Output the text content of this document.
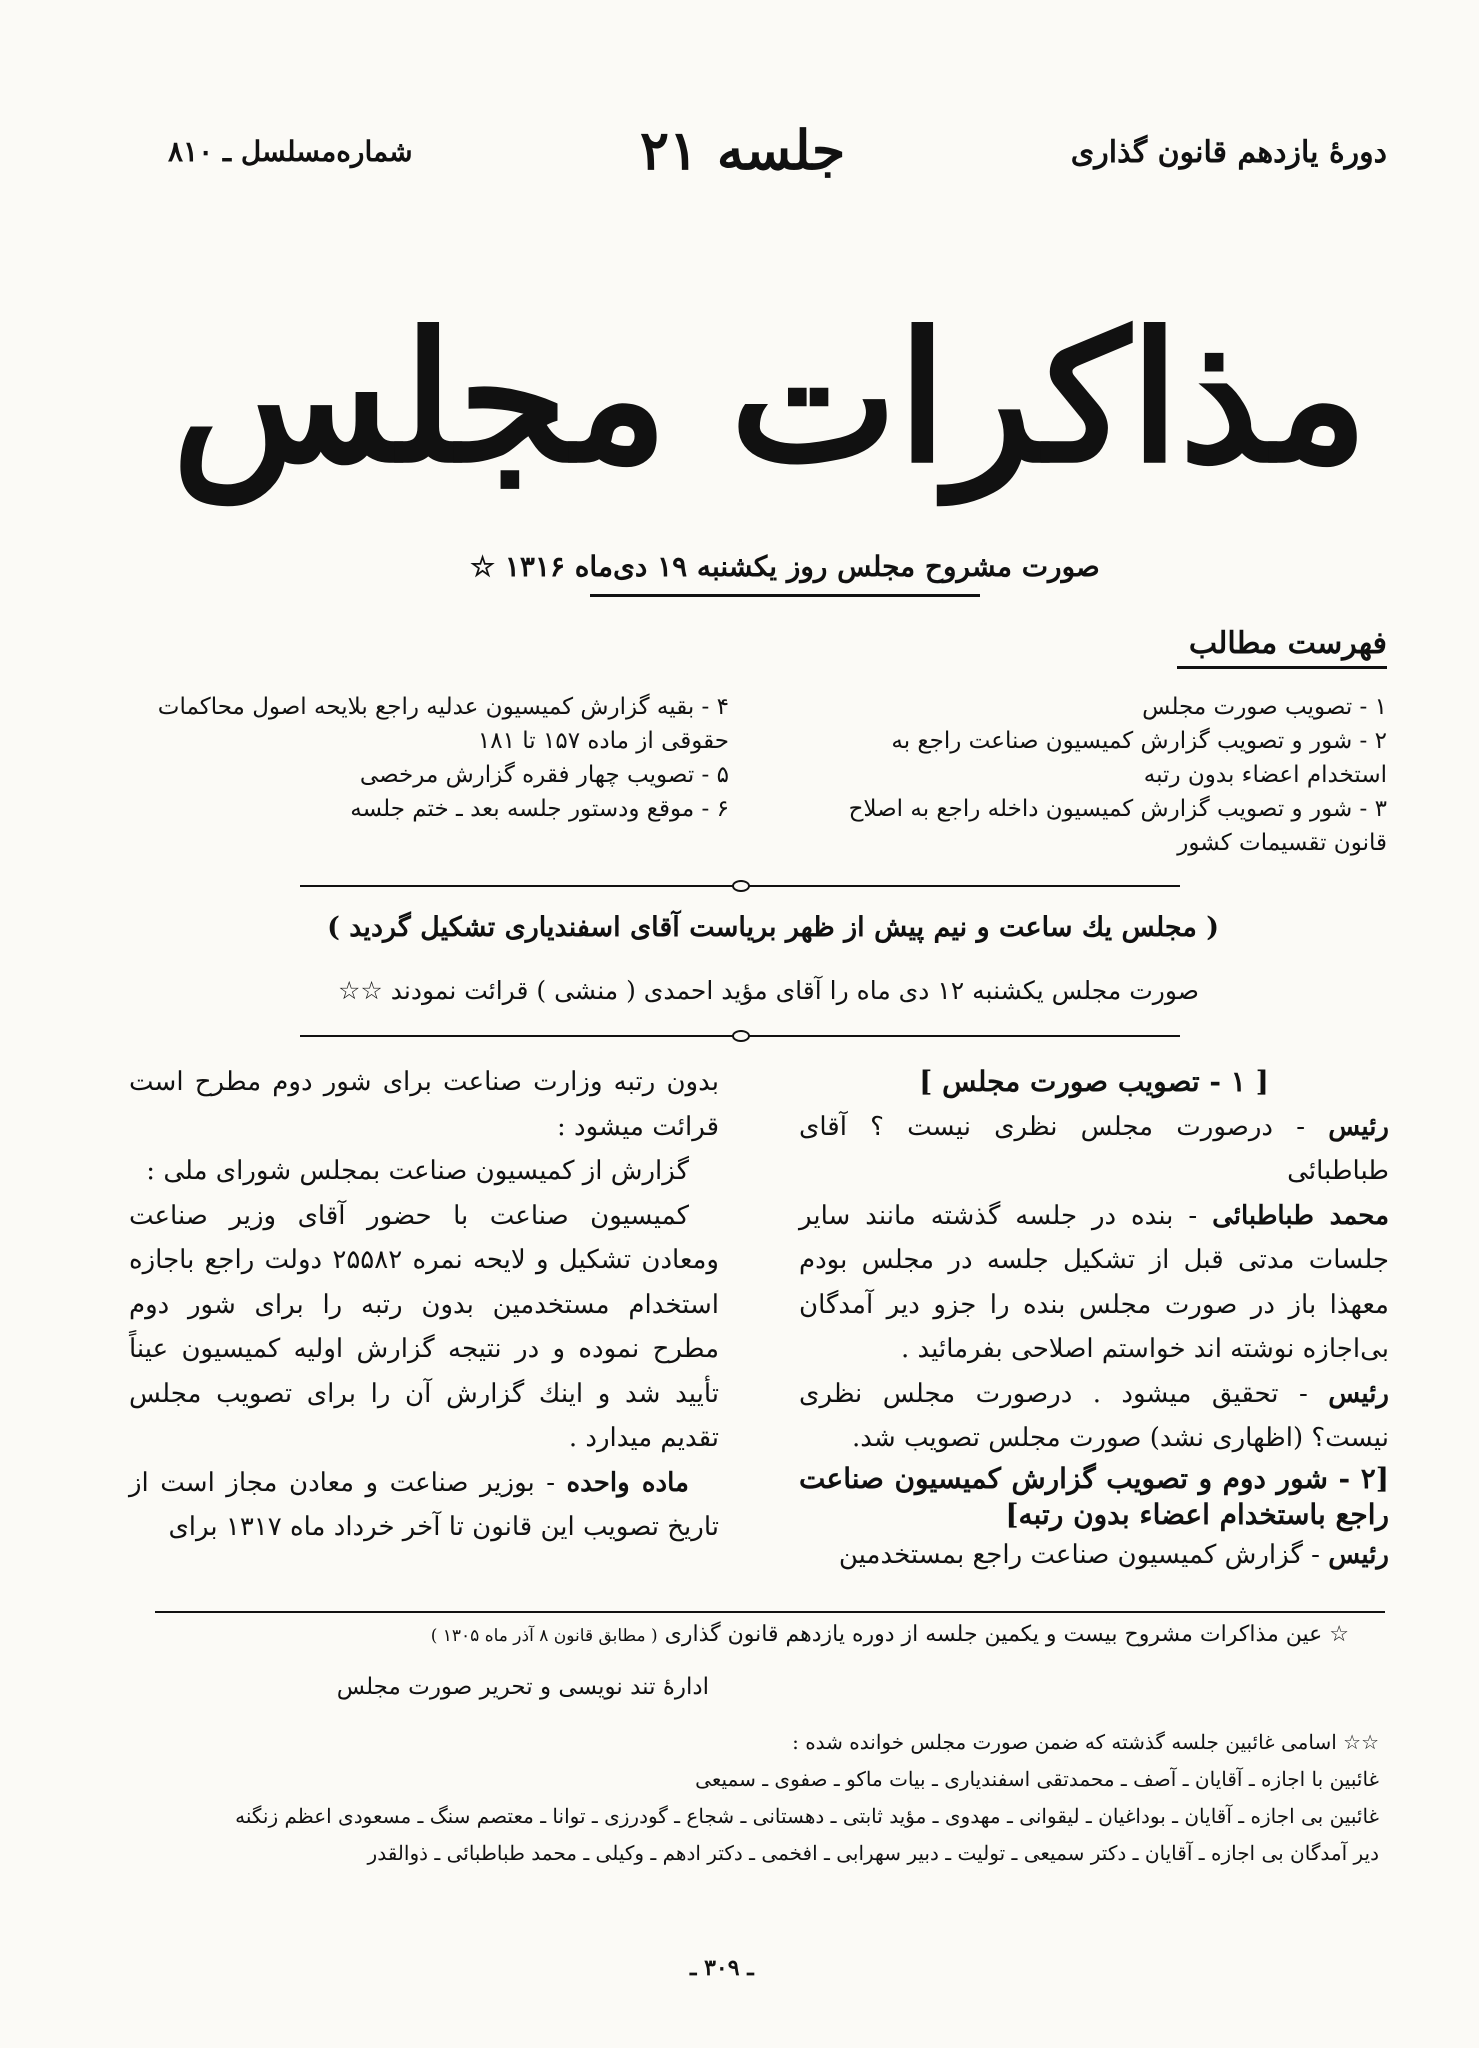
دورهٔ یازدهم قانون گذاری
جلسه ۲۱
شماره‌مسلسل ـ ۸۱۰
مذاکرات مجلس
صورت مشروح مجلس روز یکشنبه ۱۹ دی‌ماه ۱۳۱۶ ☆
فهرست مطالب
۱ - تصویب صورت مجلس
۲ - شور و تصویب گزارش کمیسیون صناعت راجع به استخدام اعضاء بدون رتبه
۳ - شور و تصویب گزارش کمیسیون داخله راجع به اصلاح قانون تقسیمات کشور
۴ - بقیه گزارش کمیسیون عدلیه راجع بلایحه اصول محاکمات حقوقی از ماده ۱۵۷ تا ۱۸۱
۵ - تصویب چهار فقره گزارش مرخصی
۶ - موقع ودستور جلسه بعد ـ ختم جلسه
( مجلس یك ساعت و نیم پیش از ظهر بریاست آقای اسفندیاری تشکیل گردید )
صورت مجلس یکشنبه ۱۲ دی ماه را آقای مؤید احمدی ( منشی ) قرائت نمودند ☆☆

[ ۱ - تصویب صورت مجلس ]

رئیس - درصورت مجلس نظری نیست ؟ آقای طباطبائی

محمد طباطبائی - بنده در جلسه گذشته مانند سایر جلسات مدتی قبل از تشکیل جلسه در مجلس بودم معهذا باز در صورت مجلس بنده را جزو دیر آمدگان بی‌اجازه نوشته اند خواستم اصلاحی بفرمائید .

رئیس - تحقیق میشود . درصورت مجلس نظری نیست؟ (اظهاری نشد) صورت مجلس تصویب شد.

[۲ - شور دوم و تصویب گزارش کمیسیون صناعت راجع باستخدام اعضاء بدون رتبه]

رئیس - گزارش کمیسیون صناعت راجع بمستخدمین

بدون رتبه وزارت صناعت برای شور دوم مطرح است قرائت میشود :

گزارش از کمیسیون صناعت بمجلس شورای ملی :

کمیسیون صناعت با حضور آقای وزیر صناعت ومعادن تشکیل و لایحه نمره ۲۵۵۸۲ دولت راجع باجازه استخدام مستخدمین بدون رتبه را برای شور دوم مطرح نموده و در نتیجه گزارش اولیه کمیسیون عیناً تأیید شد و اینك گزارش آن را برای تصویب مجلس تقدیم میدارد .

ماده واحده - بوزیر صناعت و معادن مجاز است از تاریخ تصویب این قانون تا آخر خرداد ماه ۱۳۱۷ برای

☆ عین مذاکرات مشروح بیست و یکمین جلسه از دوره یازدهم قانون گذاری ( مطابق قانون ۸ آذر ماه ۱۳۰۵ )
ادارهٔ تند نویسی و تحریر صورت مجلس

☆☆ اسامی غائبین جلسه گذشته که ضمن صورت مجلس خوانده شده :

غائبین با اجازه ـ آقایان ـ آصف ـ محمدتقی اسفندیاری ـ بیات ماکو ـ صفوی ـ سمیعی

غائبین بی اجازه ـ آقایان ـ بوداغیان ـ لیقوانی ـ مهدوی ـ مؤید ثابتی ـ دهستانی ـ شجاع ـ گودرزی ـ توانا ـ معتصم سنگ ـ مسعودی اعظم زنگنه

دیر آمدگان بی اجازه ـ آقایان ـ دکتر سمیعی ـ تولیت ـ دبیر سهرابی ـ افخمی ـ دکتر ادهم ـ وکیلی ـ محمد طباطبائی ـ ذوالقدر

ـ ۳۰۹ ـ
